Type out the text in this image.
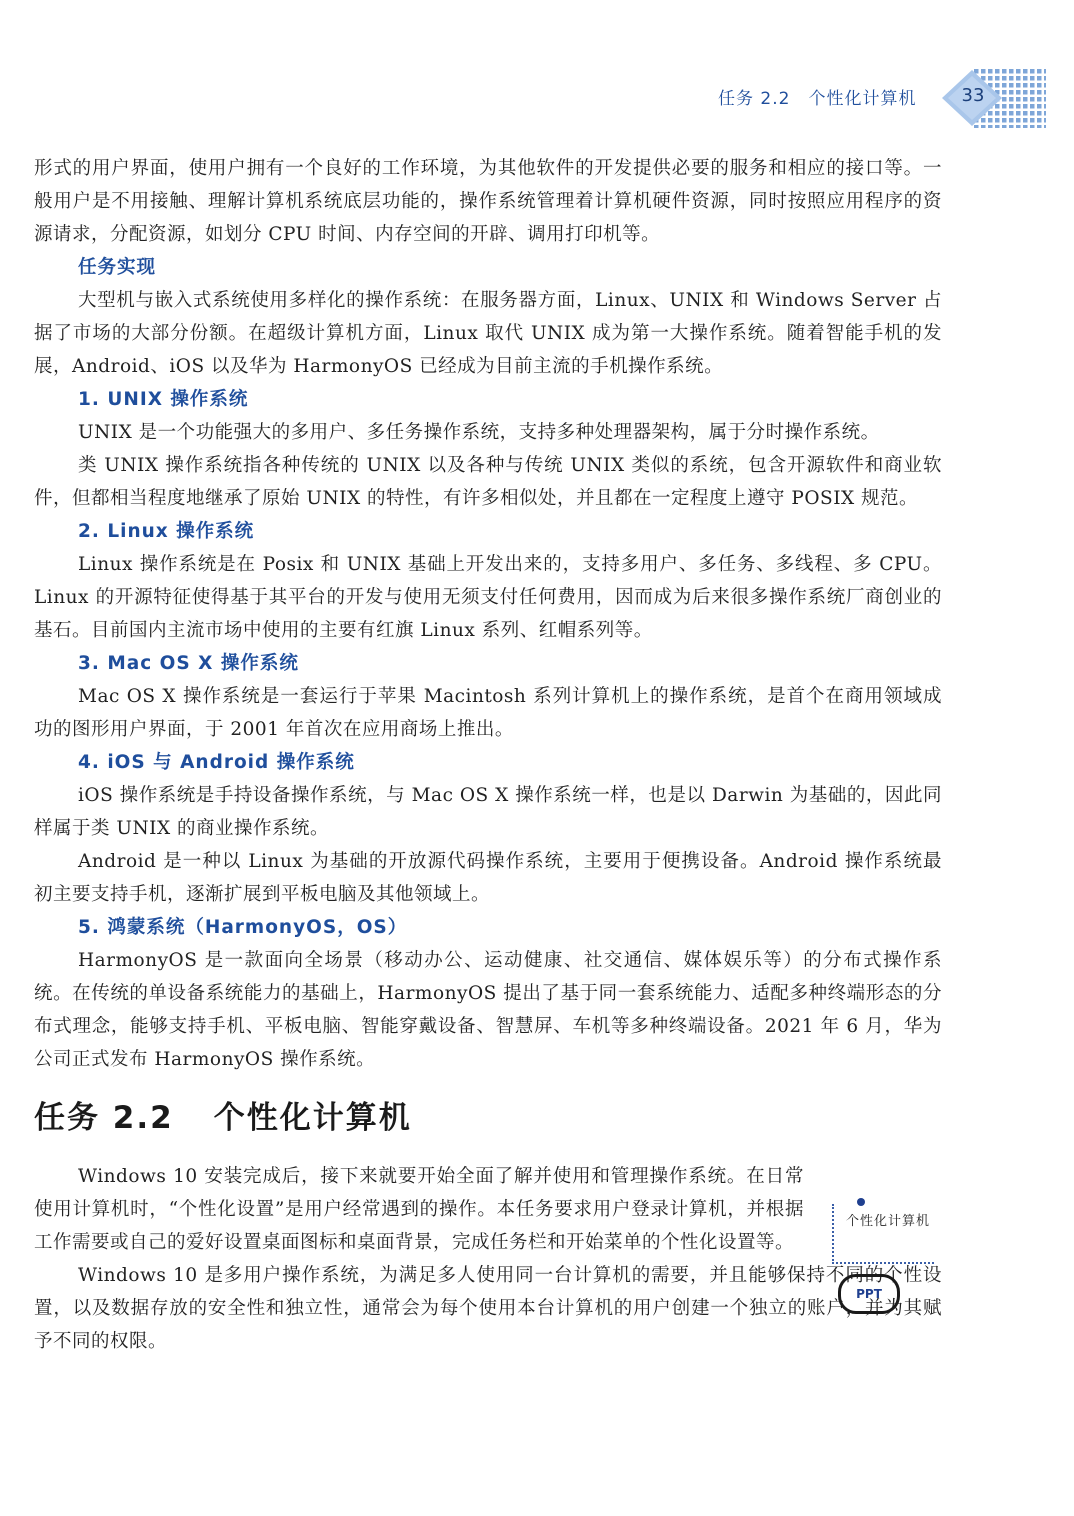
任务 2.2 个性化计算机	33

形式的用户界面，使用户拥有一个良好的工作环境，为其他软件的开发提供必要的服务和相应的接口等。一般用户是不用接触、理解计算机系统底层功能的，操作系统管理着计算机硬件资源，同时按照应用程序的资源请求，分配资源，如划分 CPU 时间、内存空间的开辟、调用打印机等。

任务实现

大型机与嵌入式系统使用多样化的操作系统：在服务器方面，Linux、UNIX 和 Windows Server 占据了市场的大部分份额。在超级计算机方面，Linux 取代 UNIX 成为第一大操作系统。随着智能手机的发展，Android、iOS 以及华为 HarmonyOS 已经成为目前主流的手机操作系统。

1. UNIX 操作系统

UNIX 是一个功能强大的多用户、多任务操作系统，支持多种处理器架构，属于分时操作系统。

类 UNIX 操作系统指各种传统的 UNIX 以及各种与传统 UNIX 类似的系统，包含开源软件和商业软件，但都相当程度地继承了原始 UNIX 的特性，有许多相似处，并且都在一定程度上遵守 POSIX 规范。

2. Linux 操作系统

Linux 操作系统是在 Posix 和 UNIX 基础上开发出来的，支持多用户、多任务、多线程、多 CPU。Linux 的开源特征使得基于其平台的开发与使用无须支付任何费用，因而成为后来很多操作系统厂商创业的基石。目前国内主流市场中使用的主要有红旗 Linux 系列、红帽系列等。

3. Mac OS X 操作系统

Mac OS X 操作系统是一套运行于苹果 Macintosh 系列计算机上的操作系统，是首个在商用领域成功的图形用户界面，于 2001 年首次在应用商场上推出。

4. iOS 与 Android 操作系统

iOS 操作系统是手持设备操作系统，与 Mac OS X 操作系统一样，也是以 Darwin 为基础的，因此同样属于类 UNIX 的商业操作系统。

Android 是一种以 Linux 为基础的开放源代码操作系统，主要用于便携设备。Android 操作系统最初主要支持手机，逐渐扩展到平板电脑及其他领域上。

5. 鸿蒙系统（HarmonyOS，OS）

HarmonyOS 是一款面向全场景（移动办公、运动健康、社交通信、媒体娱乐等）的分布式操作系统。在传统的单设备系统能力的基础上，HarmonyOS 提出了基于同一套系统能力、适配多种终端形态的分布式理念，能够支持手机、平板电脑、智能穿戴设备、智慧屏、车机等多种终端设备。2021 年 6 月，华为公司正式发布 HarmonyOS 操作系统。

任务 2.2 个性化计算机

Windows 10 安装完成后，接下来就要开始全面了解并使用和管理操作系统。在日常使用计算机时，“个性化设置”是用户经常遇到的操作。本任务要求用户登录计算机，并根据工作需要或自己的爱好设置桌面图标和桌面背景，完成任务栏和开始菜单的个性化设置等。

Windows 10 是多用户操作系统，为满足多人使用同一台计算机的需要，并且能够保持不同的个性设置，以及数据存放的安全性和独立性，通常会为每个使用本台计算机的用户创建一个独立的账户，并为其赋予不同的权限。

个性化计算机
PPT
